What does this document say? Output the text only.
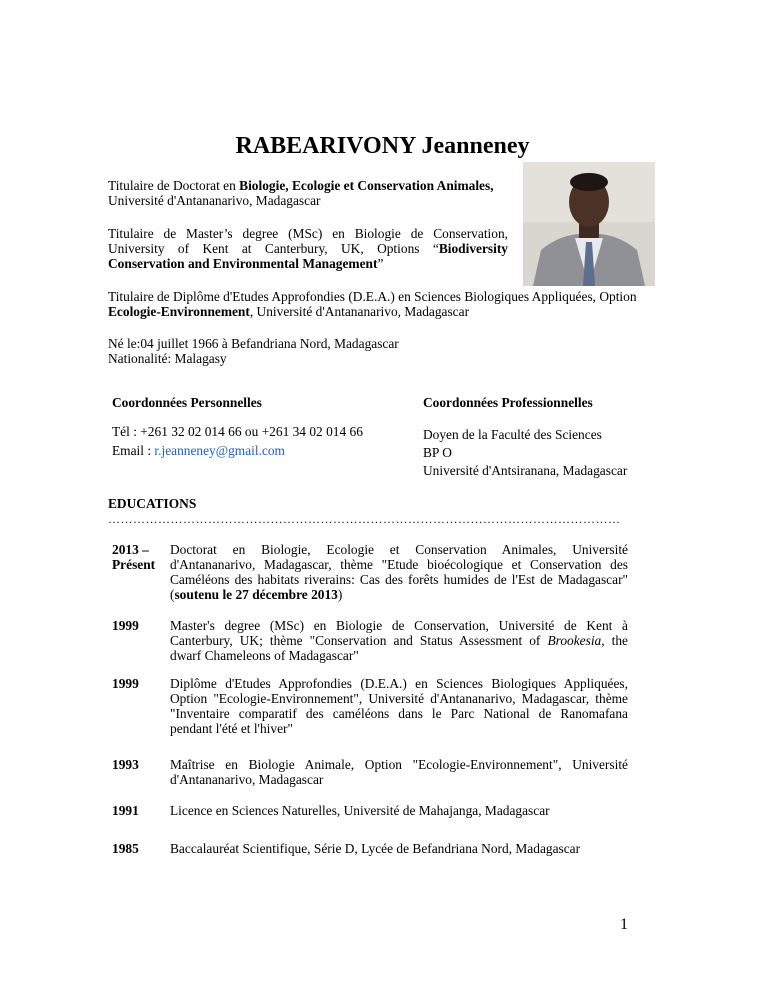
RABEARIVONY Jeanneney
Titulaire de Doctorat en Biologie, Ecologie et Conservation Animales,
Université d'Antananarivo, Madagascar
Titulaire de Master’s degree (MSc) en Biologie de Conservation,
University of Kent at Canterbury, UK, Options “Biodiversity
Conservation and Environmental Management”
Titulaire de Diplôme d'Etudes Approfondies (D.E.A.) en Sciences Biologiques Appliquées, Option
Ecologie-Environnement, Université d'Antananarivo, Madagascar
Né le:04 juillet 1966 à Befandriana Nord, Madagascar
Nationalité: Malagasy
Coordonnées Personnelles
Tél : +261 32 02 014 66 ou +261 34 02 014 66
Email : r.jeanneney@gmail.com
Coordonnées Professionnelles
Doyen de la Faculté des Sciences
BP O
Université d'Antsiranana, Madagascar
EDUCATIONS
……………………………………………………………………………………………………………
2013 –
Présent
Doctorat en Biologie, Ecologie et Conservation Animales, Université
d'Antananarivo, Madagascar, thème "Etude bioécologique et Conservation des
Caméléons des habitats riverains: Cas des forêts humides de l'Est de Madagascar"
(soutenu le 27 décembre 2013)
1999 Master's degree (MSc) en Biologie de Conservation, Université de Kent à
Canterbury, UK; thème "Conservation and Status Assessment of Brookesia, the
dwarf Chameleons of Madagascar"
1999 Diplôme d'Etudes Approfondies (D.E.A.) en Sciences Biologiques Appliquées,
Option "Ecologie-Environnement", Université d'Antananarivo, Madagascar, thème
"Inventaire comparatif des caméléons dans le Parc National de Ranomafana
pendant l'été et l'hiver"
1993 Maîtrise en Biologie Animale, Option "Ecologie-Environnement", Université
d'Antananarivo, Madagascar
1991 Licence en Sciences Naturelles, Université de Mahajanga, Madagascar
1985 Baccalauréat Scientifique, Série D, Lycée de Befandriana Nord, Madagascar
1
